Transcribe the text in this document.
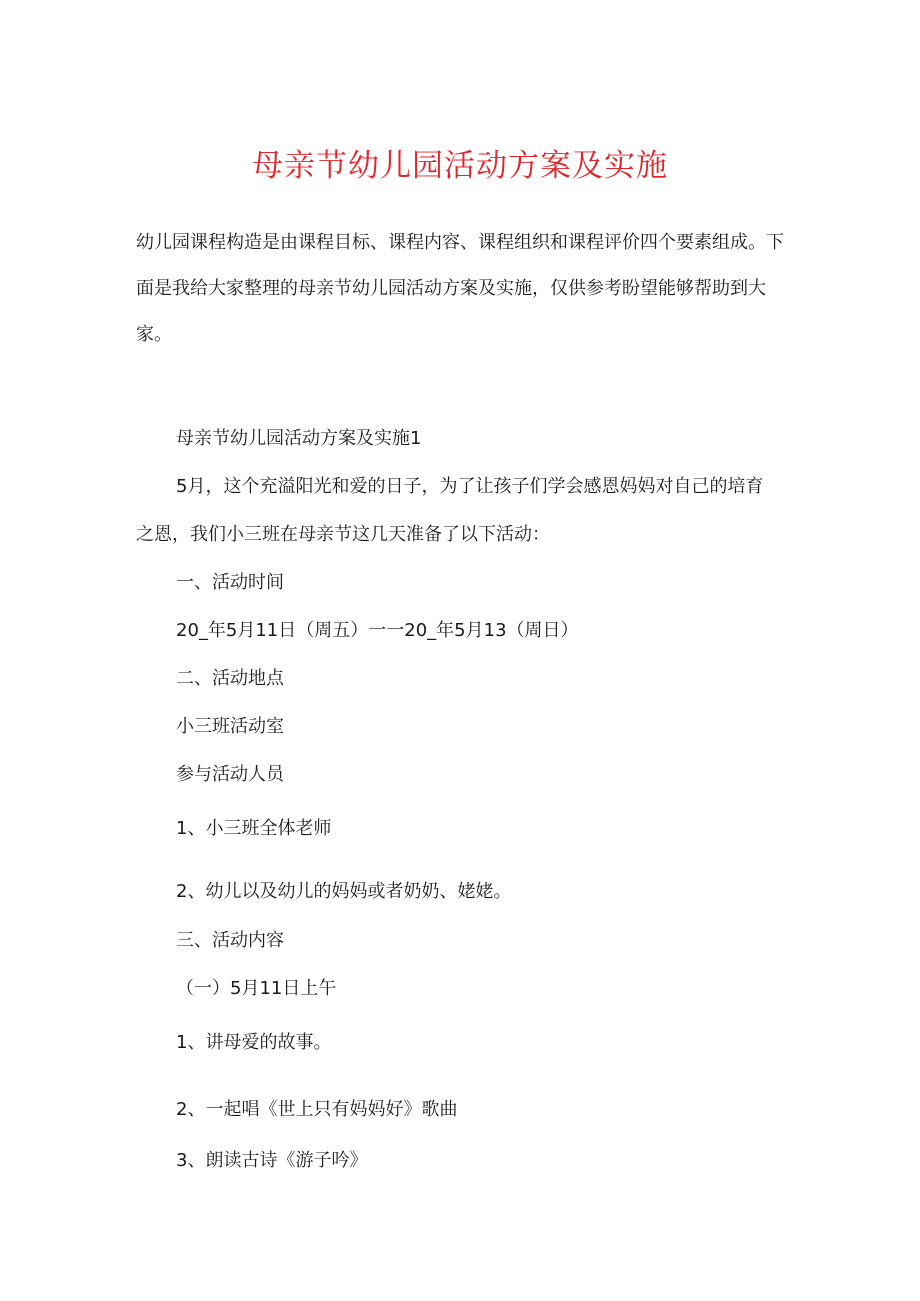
母亲节幼儿园活动方案及实施

幼儿园课程构造是由课程目标、课程内容、课程组织和课程评价四个要素组成。下面是我给大家整理的母亲节幼儿园活动方案及实施，仅供参考盼望能够帮助到大家。

母亲节幼儿园活动方案及实施1

5月，这个充溢阳光和爱的日子，为了让孩子们学会感恩妈妈对自己的培育

之恩，我们小三班在母亲节这几天准备了以下活动：

一、活动时间

20_年5月11日（周五）一一20_年5月13（周日）

二、活动地点

小三班活动室

参与活动人员

1、小三班全体老师

2、幼儿以及幼儿的妈妈或者奶奶、姥姥。

三、活动内容

（一）5月11日上午

1、讲母爱的故事。

2、一起唱《世上只有妈妈好》歌曲

3、朗读古诗《游子吟》
